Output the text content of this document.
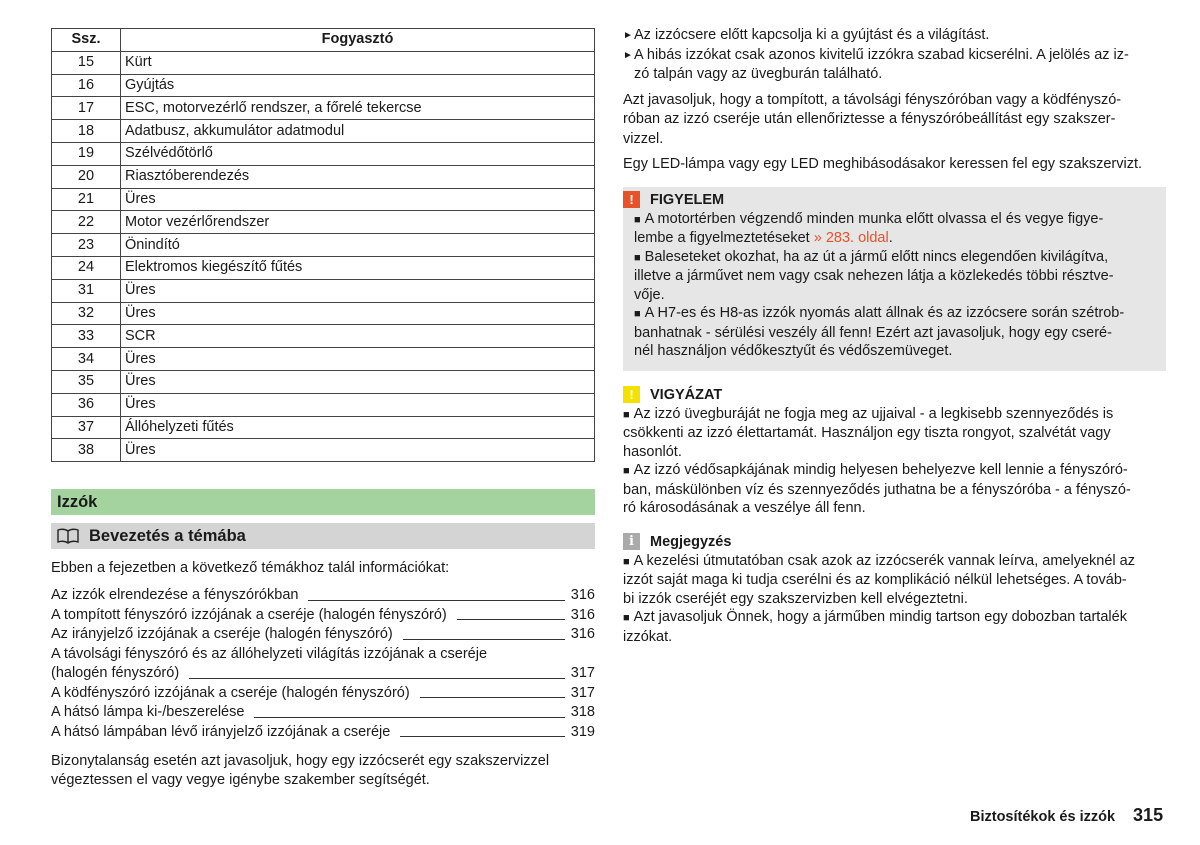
Ssz.	Fogyasztó
15	Kürt
16	Gyújtás
17	ESC, motorvezérlő rendszer, a főrelé tekercse
18	Adatbusz, akkumulátor adatmodul
19	Szélvédőtörlő
20	Riasztóberendezés
21	Üres
22	Motor vezérlőrendszer
23	Önindító
24	Elektromos kiegészítő fűtés
31	Üres
32	Üres
33	SCR
34	Üres
35	Üres
36	Üres
37	Állóhelyzeti fűtés
38	Üres
Izzók
Bevezetés a témába
Ebben a fejezetben a következő témákhoz talál információkat:
Az izzók elrendezése a fényszórókban	316
A tompított fényszóró izzójának a cseréje (halogén fényszóró)	316
Az irányjelző izzójának a cseréje (halogén fényszóró)	316
A távolsági fényszóró és az állóhelyzeti világítás izzójának a cseréje
(halogén fényszóró)	317
A ködfényszóró izzójának a cseréje (halogén fényszóró)	317
A hátsó lámpa ki-/beszerelése	318
A hátsó lámpában lévő irányjelző izzójának a cseréje	319
Bizonytalanság esetén azt javasoljuk, hogy egy izzócserét egy szakszervizzel
végeztessen el vagy vegye igénybe szakember segítségét.
► Az izzócsere előtt kapcsolja ki a gyújtást és a világítást.
► A hibás izzókat csak azonos kivitelű izzókra szabad kicserélni. A jelölés az iz-
zó talpán vagy az üvegburán található.
Azt javasoljuk, hogy a tompított, a távolsági fényszóróban vagy a ködfényszó-
róban az izzó cseréje után ellenőriztesse a fényszóróbeállítást egy szakszer-
vizzel.
Egy LED-lámpa vagy egy LED meghibásodásakor keressen fel egy szakszervizt.
!	FIGYELEM
■ A motortérben végzendő minden munka előtt olvassa el és vegye figye-
lembe a figyelmeztetéseket » 283. oldal.
■ Baleseteket okozhat, ha az út a jármű előtt nincs elegendően kivilágítva,
illetve a járművet nem vagy csak nehezen látja a közlekedés többi résztve-
vője.
■ A H7-es és H8-as izzók nyomás alatt állnak és az izzócsere során szétrob-
banhatnak - sérülési veszély áll fenn! Ezért azt javasoljuk, hogy egy cseré-
nél használjon védőkesztyűt és védőszemüveget.
!	VIGYÁZAT
■ Az izzó üvegburáját ne fogja meg az ujjaival - a legkisebb szennyeződés is
csökkenti az izzó élettartamát. Használjon egy tiszta rongyot, szalvétát vagy
hasonlót.
■ Az izzó védősapkájának mindig helyesen behelyezve kell lennie a fényszóró-
ban, máskülönben víz és szennyeződés juthatna be a fényszóróba - a fényszó-
ró károsodásának a veszélye áll fenn.
i	Megjegyzés
■ A kezelési útmutatóban csak azok az izzócserék vannak leírva, amelyeknél az
izzót saját maga ki tudja cserélni és az komplikáció nélkül lehetséges. A továb-
bi izzók cseréjét egy szakszervizben kell elvégeztetni.
■ Azt javasoljuk Önnek, hogy a járműben mindig tartson egy dobozban tartalék
izzókat.
Biztosítékok és izzók 315
